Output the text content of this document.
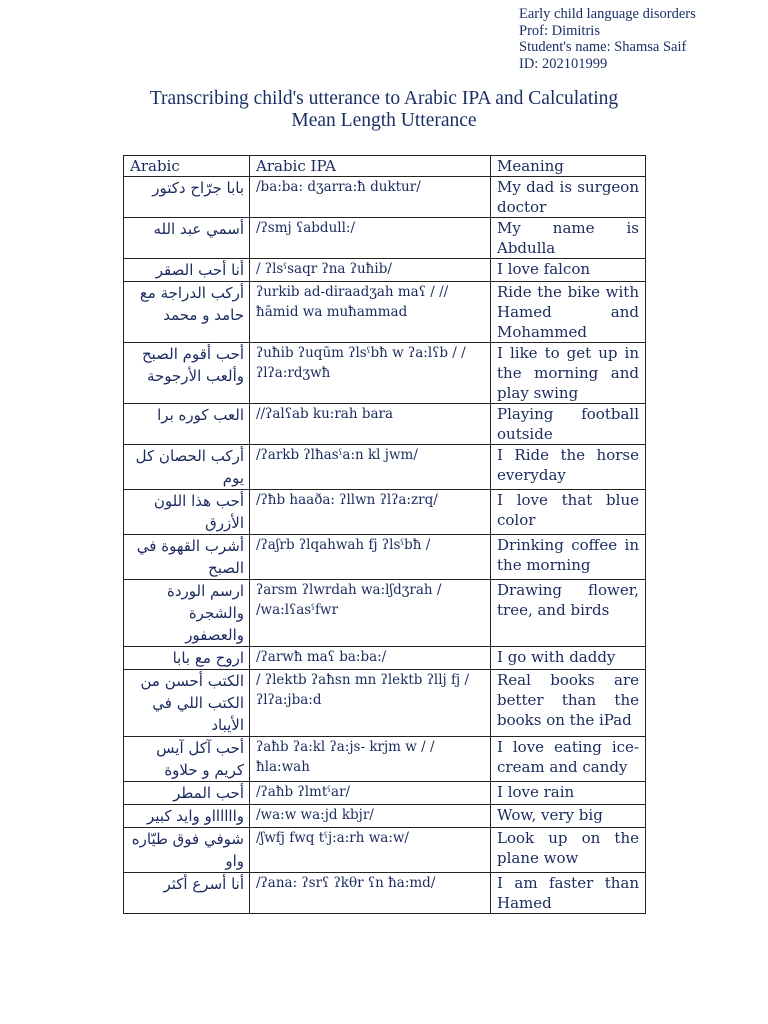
Early child language disorders
Prof: Dimitris
Student's name: Shamsa Saif
ID: 202101999
Transcribing child's utterance to Arabic IPA and Calculating
Mean Length Utterance
Arabic	Arabic IPA	Meaning
بابا جرّاح دكتور	/ba:ba: dʒarra:ħ duktur/	My dad is surgeon doctor
أسمي عبد الله	/ʔsmj ʕabdull:/	My name is Abdulla
أنا أحب الصقر	/ ʔlsˤsaqr ʔna ʔuħib/	I love falcon
أركب الدراجة مع حامد و محمد	ʔurkib ad-diraadʒah maʕ / //ħāmid wa muħammad	Ride the bike with Hamed and Mohammed
أحب أقوم الصبح وألعب الأرجوحة	ʔuħib ʔuqūm ʔlsˤbħ w ʔa:lʕb / /ʔlʔa:rdʒwħ	I like to get up in the morning and play swing
العب كوره برا	//ʔalʕab ku:rah bara	Playing football outside
أركب الحصان كل يوم	/ʔarkb ʔlħasˤa:n kl jwm/	I Ride the horse everyday
أحب هذا اللون الأزرق	/ʔħb haaða: ʔllwn ʔlʔa:zrq/	I love that blue color
أشرب القهوة في الصبح	/ʔaʃrb ʔlqahwah fj ʔlsˤbħ /	Drinking coffee in the morning
ارسم الوردة والشجرة والعصفور	ʔarsm ʔlwrdah wa:lʃdʒrah / /wa:lʕasˤfwr	Drawing flower, tree, and birds
اروح مع بابا	/ʔarwħ maʕ ba:ba:/	I go with daddy
الكتب أحسن من الكتب اللي في الأيباد	/ ʔlektb ʔaħsn mn ʔlektb ʔllj fj /ʔlʔa:jba:d	Real books are better than the books on the iPad
أحب آكل آيس كريم و حلاوة	ʔaħb ʔa:kl ʔa:js- krjm w / /ħla:wah	I love eating ice-cream and candy
أحب المطر	/ʔaħb ʔlmtˤar/	I love rain
وااااااو وايد كبير	/wa:w wa:jd kbjr/	Wow, very big
شوفي فوق طيّاره واو	/ʃwfj fwq tˤj:a:rh wa:w/	Look up on the plane wow
أنا أسرع أكثر	/ʔana: ʔsrʕ ʔkθr ʕn ħa:md/	I am faster than Hamed
